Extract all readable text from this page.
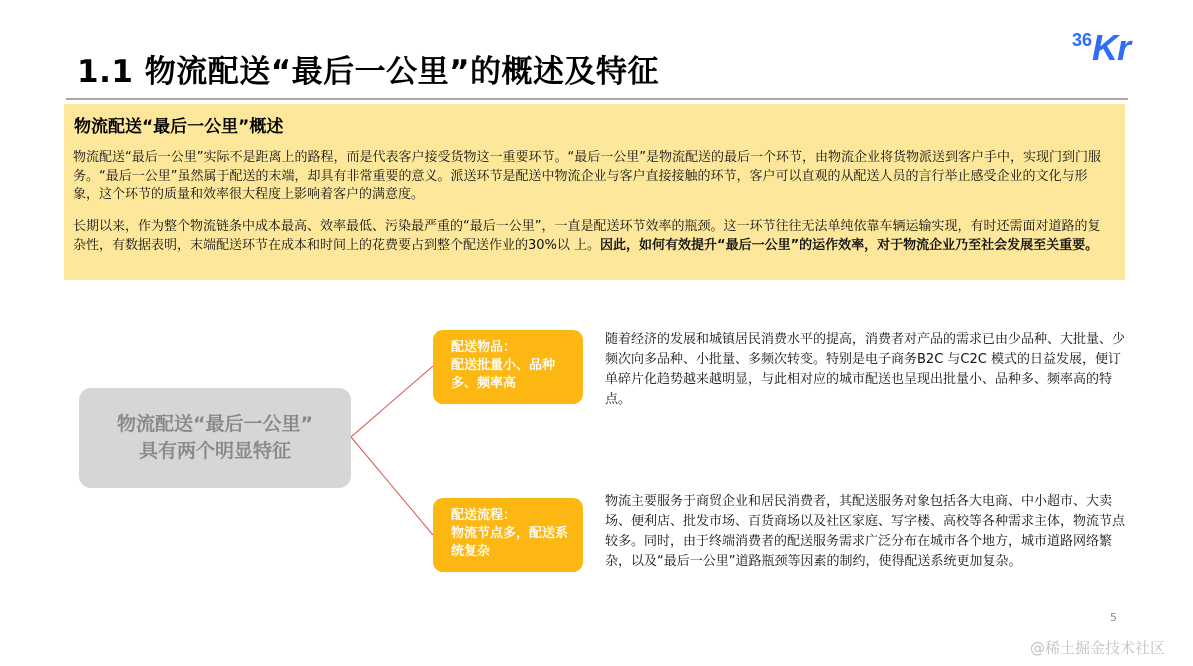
1.1 物流配送“最后一公里”的概述及特征
36Kr
物流配送“最后一公里”概述
物流配送“最后一公里”实际不是距离上的路程，而是代表客户接受货物这一重要环节。“最后一公里”是物流配送的最后一个环节，由物流企业将货物派送到客户手中，实现门到门服务。“最后一公里”虽然属于配送的末端，却具有非常重要的意义。派送环节是配送中物流企业与客户直接接触的环节，客户可以直观的从配送人员的言行举止感受企业的文化与形象，这个环节的质量和效率很大程度上影响着客户的满意度。
长期以来，作为整个物流链条中成本最高、效率最低、污染最严重的“最后一公里”，一直是配送环节效率的瓶颈。这一环节往往无法单纯依靠车辆运输实现，有时还需面对道路的复杂性，有数据表明，末端配送环节在成本和时间上的花费要占到整个配送作业的30%以 上。因此，如何有效提升“最后一公里”的运作效率，对于物流企业乃至社会发展至关重要。
物流配送“最后一公里”
具有两个明显特征
配送物品：
配送批量小、品种多、频率高
随着经济的发展和城镇居民消费水平的提高，消费者对产品的需求已由少品种、大批量、少频次向多品种、小批量、多频次转变。特别是电子商务B2C 与C2C 模式的日益发展，便订单碎片化趋势越来越明显，与此相对应的城市配送也呈现出批量小、品种多、频率高的特点。
配送流程：
物流节点多，配送系统复杂
物流主要服务于商贸企业和居民消费者，其配送服务对象包括各大电商、中小超市、大卖场、便利店、批发市场、百货商场以及社区家庭、写字楼、高校等各种需求主体，物流节点较多。同时，由于终端消费者的配送服务需求广泛分布在城市各个地方，城市道路网络繁杂，以及“最后一公里”道路瓶颈等因素的制约，使得配送系统更加复杂。
5
@稀土掘金技术社区
